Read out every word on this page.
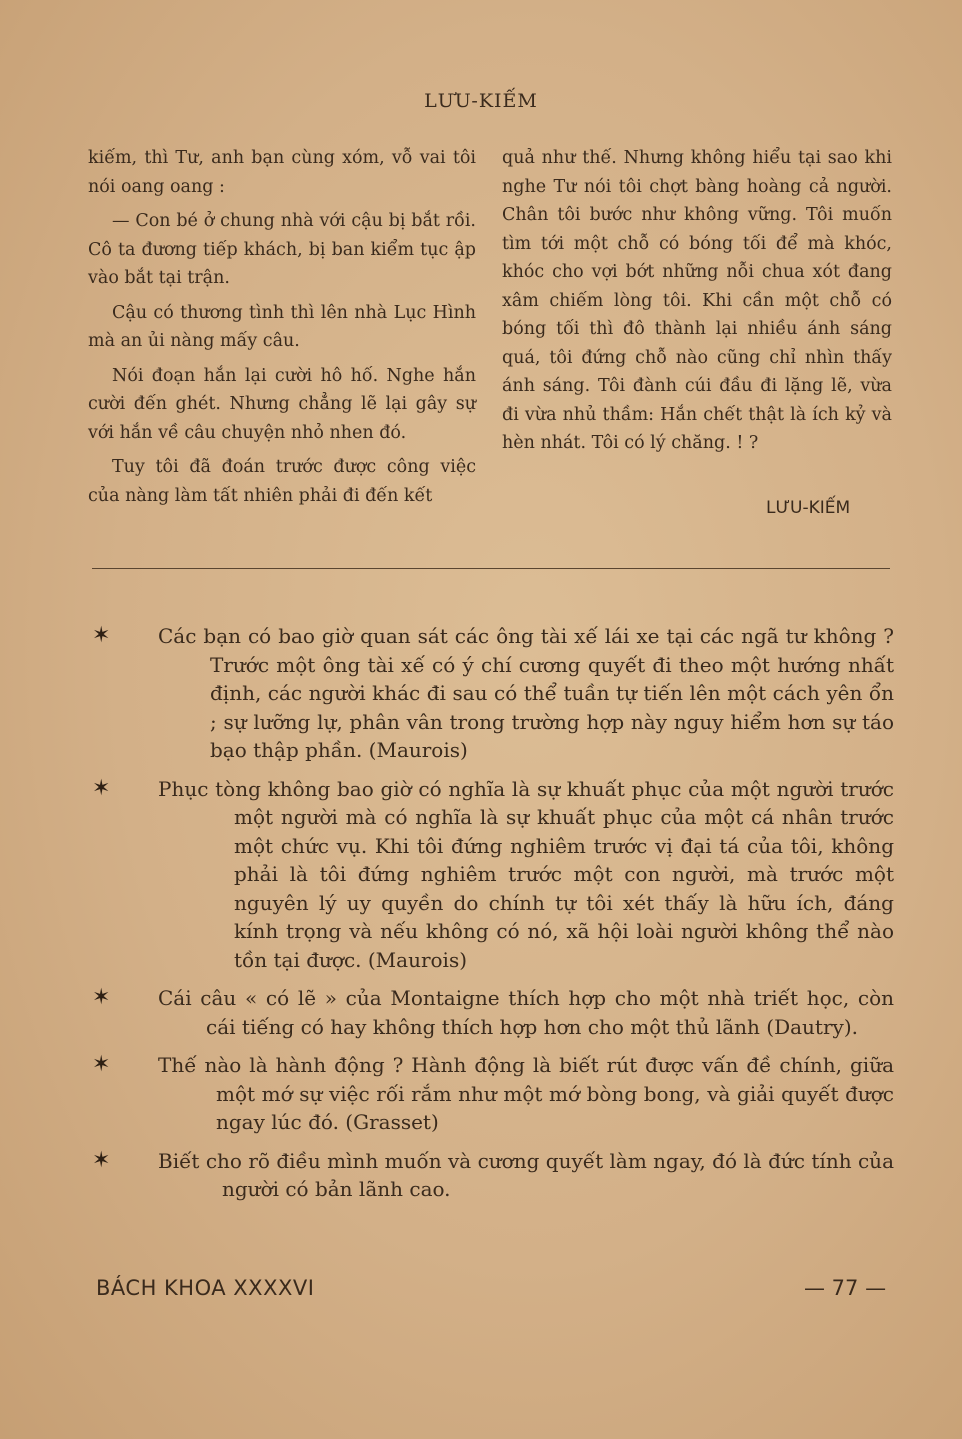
LƯU-KIẾM

kiếm, thì Tư, anh bạn cùng xóm, vỗ vai tôi nói oang oang :

— Con bé ở chung nhà với cậu bị bắt rồi. Cô ta đương tiếp khách, bị ban kiểm tục ập vào bắt tại trận.

Cậu có thương tình thì lên nhà Lục Hình mà an ủi nàng mấy câu.

Nói đoạn hắn lại cười hô hố. Nghe hắn cười đến ghét. Nhưng chẳng lẽ lại gây sự với hắn về câu chuyện nhỏ nhen đó.

Tuy tôi đã đoán trước được công việc của nàng làm tất nhiên phải đi đến kết

quả như thế. Nhưng không hiểu tại sao khi nghe Tư nói tôi chợt bàng hoàng cả người. Chân tôi bước như không vững. Tôi muốn tìm tới một chỗ có bóng tối để mà khóc, khóc cho vợi bớt những nỗi chua xót đang xâm chiếm lòng tôi. Khi cần một chỗ có bóng tối thì đô thành lại nhiều ánh sáng quá, tôi đứng chỗ nào cũng chỉ nhìn thấy ánh sáng. Tôi đành cúi đầu đi lặng lẽ, vừa đi vừa nhủ thầm: Hắn chết thật là ích kỷ và hèn nhát. Tôi có lý chăng. ! ?

LƯU-KIẾM
✶ Các bạn có bao giờ quan sát các ông tài xế lái xe tại các ngã tư không ? Trước một ông tài xế có ý chí cương quyết đi theo một hướng nhất định, các người khác đi sau có thể tuần tự tiến lên một cách yên ổn ; sự lưỡng lự, phân vân trong trường hợp này nguy hiểm hơn sự táo bạo thập phần. (Maurois)
✶ Phục tòng không bao giờ có nghĩa là sự khuất phục của một người trước một người mà có nghĩa là sự khuất phục của một cá nhân trước một chức vụ. Khi tôi đứng nghiêm trước vị đại tá của tôi, không phải là tôi đứng nghiêm trước một con người, mà trước một nguyên lý uy quyền do chính tự tôi xét thấy là hữu ích, đáng kính trọng và nếu không có nó, xã hội loài người không thể nào tồn tại được. (Maurois)
✶ Cái câu « có lẽ » của Montaigne thích hợp cho một nhà triết học, còn cái tiếng có hay không thích hợp hơn cho một thủ lãnh (Dautry).
✶ Thế nào là hành động ? Hành động là biết rút được vấn đề chính, giữa một mớ sự việc rối rắm như một mớ bòng bong, và giải quyết được ngay lúc đó. (Grasset)
✶ Biết cho rõ điều mình muốn và cương quyết làm ngay, đó là đức tính của người có bản lãnh cao.
BÁCH KHOA XXXXVI	— 77 —
